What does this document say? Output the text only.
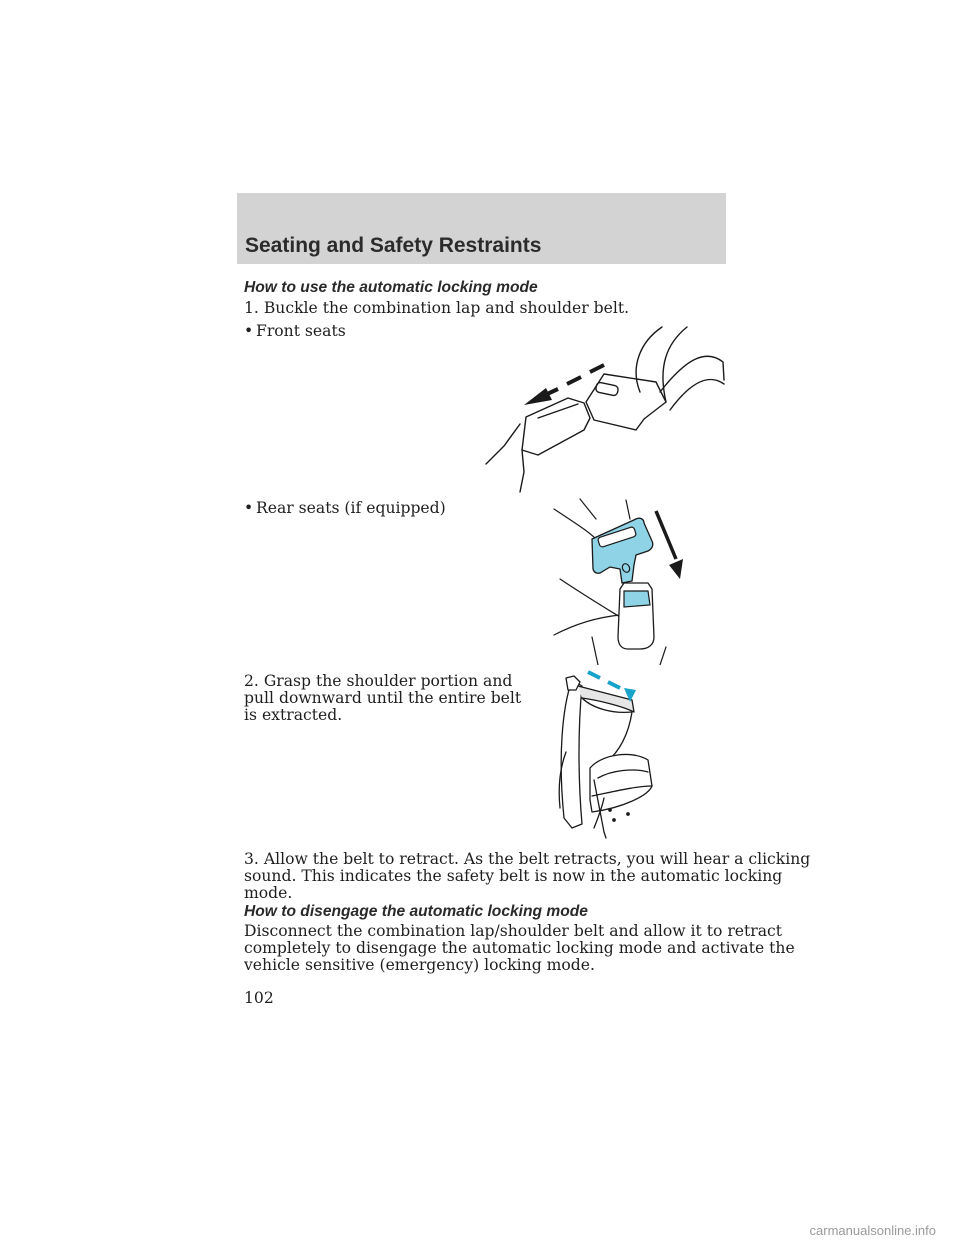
Seating and Safety Restraints
How to use the automatic locking mode
1. Buckle the combination lap and shoulder belt.
• Front seats
• Rear seats (if equipped)
2. Grasp the shoulder portion and
pull downward until the entire belt
is extracted.
3. Allow the belt to retract. As the belt retracts, you will hear a clicking
sound. This indicates the safety belt is now in the automatic locking
mode.
How to disengage the automatic locking mode
Disconnect the combination lap/shoulder belt and allow it to retract
completely to disengage the automatic locking mode and activate the
vehicle sensitive (emergency) locking mode.
102
carmanualsonline.info
